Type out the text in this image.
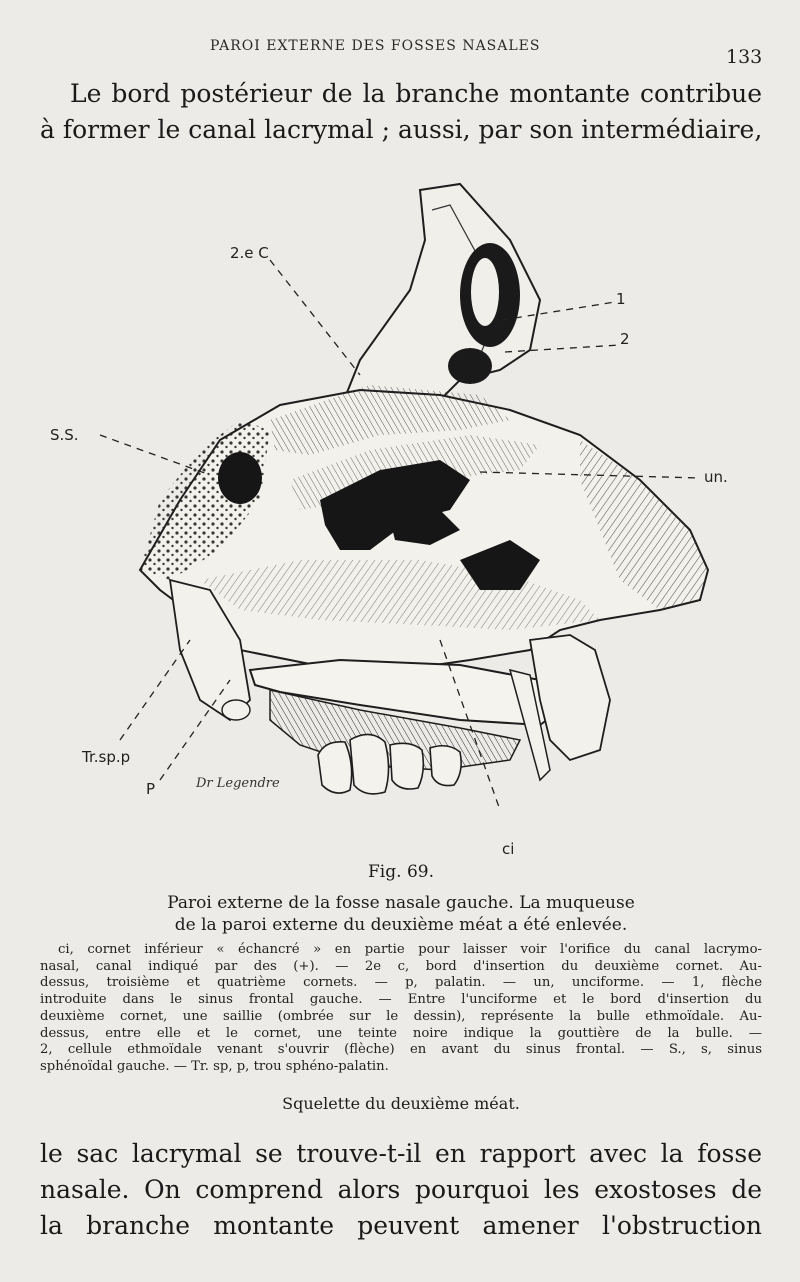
PAROI EXTERNE DES FOSSES NASALES	133
Le bord postérieur de la branche montante contribue
à former le canal lacrymal ; aussi, par son intermédiaire,
2.e C
1
2
S.S.
un.
Tr.sp.p
P
ci
Dr Legendre
Fig. 69.
Paroi externe de la fosse nasale gauche. La muqueuse
de la paroi externe du deuxième méat a été enlevée.
ci, cornet inférieur « échancré » en partie pour laisser voir l'orifice du canal lacrymo-
nasal, canal indiqué par des (+). — 2e c, bord d'insertion du deuxième cornet. Au-
dessus, troisième et quatrième cornets. — p, palatin. — un, unciforme. — 1, flèche
introduite dans le sinus frontal gauche. — Entre l'unciforme et le bord d'insertion du
deuxième cornet, une saillie (ombrée sur le dessin), représente la bulle ethmoïdale. Au-
dessus, entre elle et le cornet, une teinte noire indique la gouttière de la bulle. —
2, cellule ethmoïdale venant s'ouvrir (flèche) en avant du sinus frontal. — S., s, sinus
sphénoïdal gauche. — Tr. sp, p, trou sphéno-palatin.
Squelette du deuxième méat.
le sac lacrymal se trouve-t-il en rapport avec la fosse
nasale. On comprend alors pourquoi les exostoses de
la branche montante peuvent amener l'obstruction
